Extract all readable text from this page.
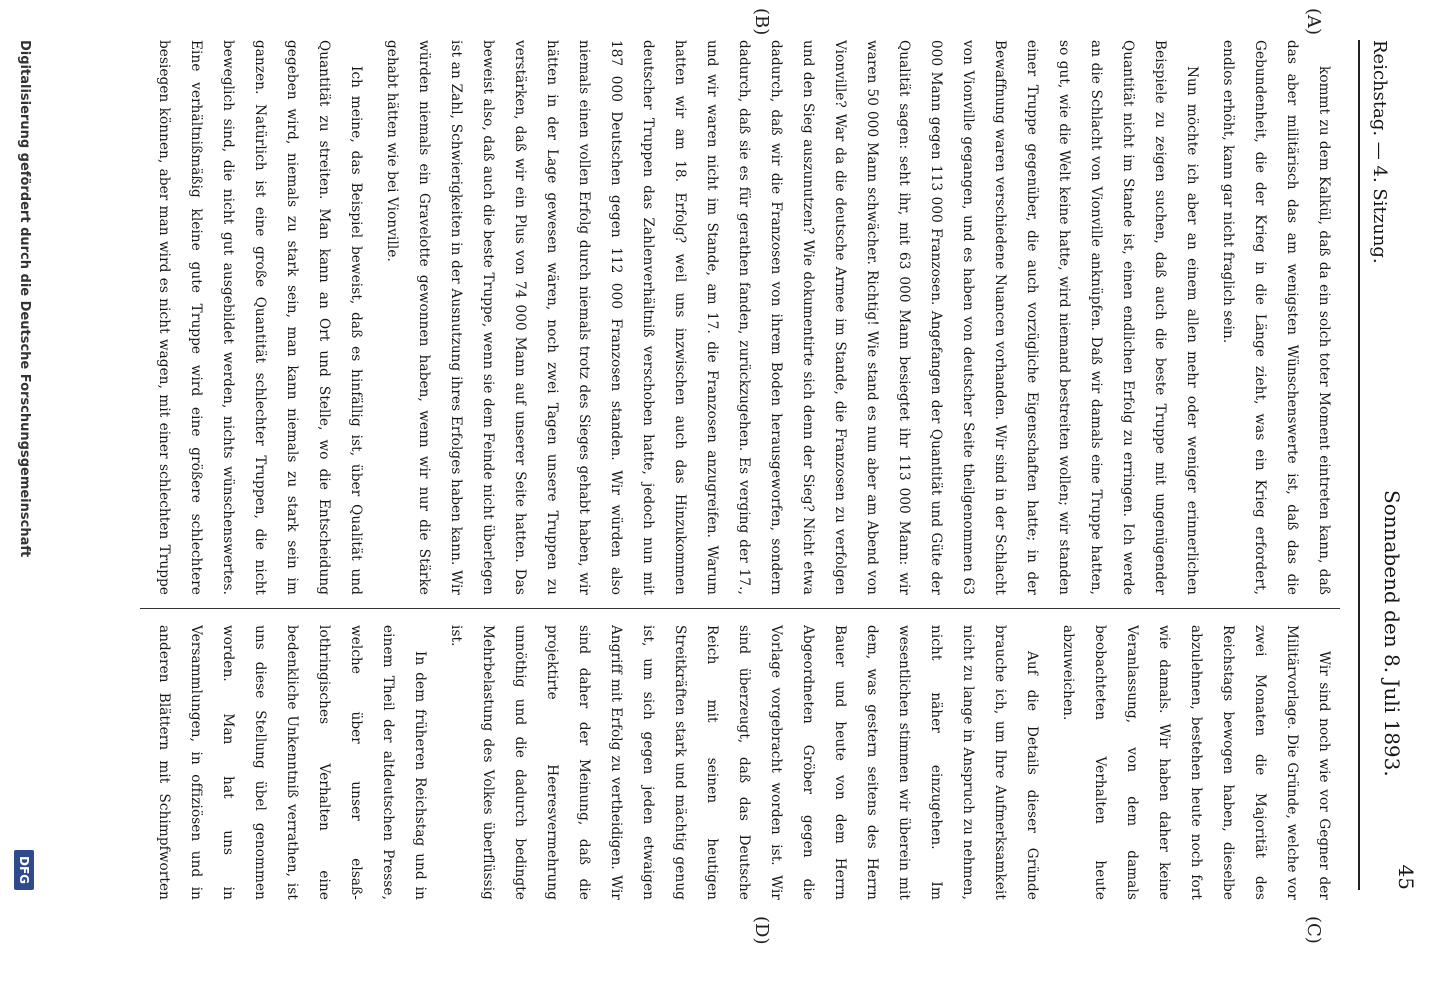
Reichstag. — 4. Sitzung.
Sonnabend den 8. Juli 1893.
45
(A)
(B)
(C)
(D)

kommt zu dem Kalkül, daß da ein solch toter Moment eintreten kann, daß das aber militärisch das am wenigsten Wünschenswerte ist, daß das die Gebundenheit, die der Krieg in die Länge zieht, was ein Krieg erfordert, endlos erhöht, kann gar nicht fraglich sein.

Nun möchte ich aber an einem allen mehr oder weniger erinnerlichen Beispiele zu zeigen suchen, daß auch die beste Truppe mit ungenügender Quantität nicht im Stande ist, einen endlichen Erfolg zu erringen. Ich werde an die Schlacht von Vionville anknüpfen. Daß wir damals eine Truppe hatten, so gut, wie die Welt keine hatte, wird niemand bestreiten wollen; wir standen einer Truppe gegenüber, die auch vorzügliche Eigenschaften hatte; in der Bewaffnung waren verschiedene Nuancen vorhanden. Wir sind in der Schlacht von Vionville gegangen, und es haben von deutscher Seite theilgenommen 63 000 Mann gegen 113 000 Franzosen. Angefangen der Quantität und Güte der Qualität sagen: seht ihr, mit 63 000 Mann besiegtet ihr 113 000 Mann: wir waren 50 000 Mann schwächer. Richtig! Wie stand es nun aber am Abend von Vionville? War da die deutsche Armee im Stande, die Franzosen zu verfolgen und den Sieg auszunutzen? Wie dokumentirte sich denn der Sieg? Nicht etwa dadurch, daß wir die Franzosen von ihrem Boden herausgeworfen, sondern dadurch, daß sie es für gerathen fanden, zurückzugehen. Es verging der 17., und wir waren nicht im Stande, am 17. die Franzosen anzugreifen. Warum hatten wir am 18. Erfolg? weil uns inzwischen auch das Hinzukommen deutscher Truppen das Zahlenverhältniß verschoben hatte, jedoch nun mit 187 000 Deutschen gegen 112 000 Franzosen standen. Wir würden also niemals einen vollen Erfolg durch niemals trotz des Sieges gehabt haben, wir hätten in der Lage gewesen wären, noch zwei Tagen unsere Truppen zu verstärken, daß wir ein Plus von 74 000 Mann auf unserer Seite hatten. Das beweist also, daß auch die beste Truppe, wenn sie dem Feinde nicht überlegen ist an Zahl, Schwierigkeiten in der Ausnutzung ihres Erfolges haben kann. Wir würden niemals ein Gravelotte gewonnen haben, wenn wir nur die Stärke gehabt hätten wie bei Vionville.

Ich meine, das Beispiel beweist, daß es hinfällig ist, über Qualität und Quantität zu streiten. Man kann an Ort und Stelle, wo die Entscheidung gegeben wird, niemals zu stark sein, man kann niemals zu stark sein im ganzen. Natürlich ist eine große Quantität schlechter Truppen, die nicht beweglich sind, die nicht gut ausgebildet werden, nichts wünschenswertes. Eine verhältnißmäßig kleine gute Truppe wird eine größere schlechtere besiegen können, aber man wird es nicht wagen, mit einer schlechten Truppe

Wir sind noch wie vor Gegner der Militärvorlage. Die Gründe, welche vor zwei Monaten die Majorität des Reichstags bewogen haben, dieselbe abzulehnen, bestehen heute noch fort wie damals. Wir haben daher keine Veranlassung, von dem damals beobachteten Verhalten heute abzuweichen.

Auf die Details dieser Gründe brauche ich, um Ihre Aufmerksamkeit nicht zu lange in Anspruch zu nehmen, nicht näher einzugehen. Im wesentlichen stimmen wir überein mit dem, was gestern seitens des Herrn Bauer und heute von dem Herrn Abgeordneten Gröber gegen die Vorlage vorgebracht worden ist. Wir sind überzeugt, daß das Deutsche Reich mit seinen heutigen Streitkräften stark und mächtig genug ist, um sich gegen jeden etwaigen Angriff mit Erfolg zu vertheidigen. Wir sind daher der Meinung, daß die projektirte Heeresvermehrung unnöthig und die dadurch bedingte Mehrbelastung des Volkes überflüssig ist.

In dem früheren Reichstag und in einem Theil der altdeutschen Presse, welche über unser elsaß-lothringisches Verhalten eine bedenkliche Unkenntniß verrathen, ist uns diese Stellung übel genommen worden. Man hat uns in Versammlungen, in offiziösen und in anderen Blättern mit Schimpfworten

Digitalisierung gefördert durch die Deutsche Forschungsgemeinschaft
DFG
